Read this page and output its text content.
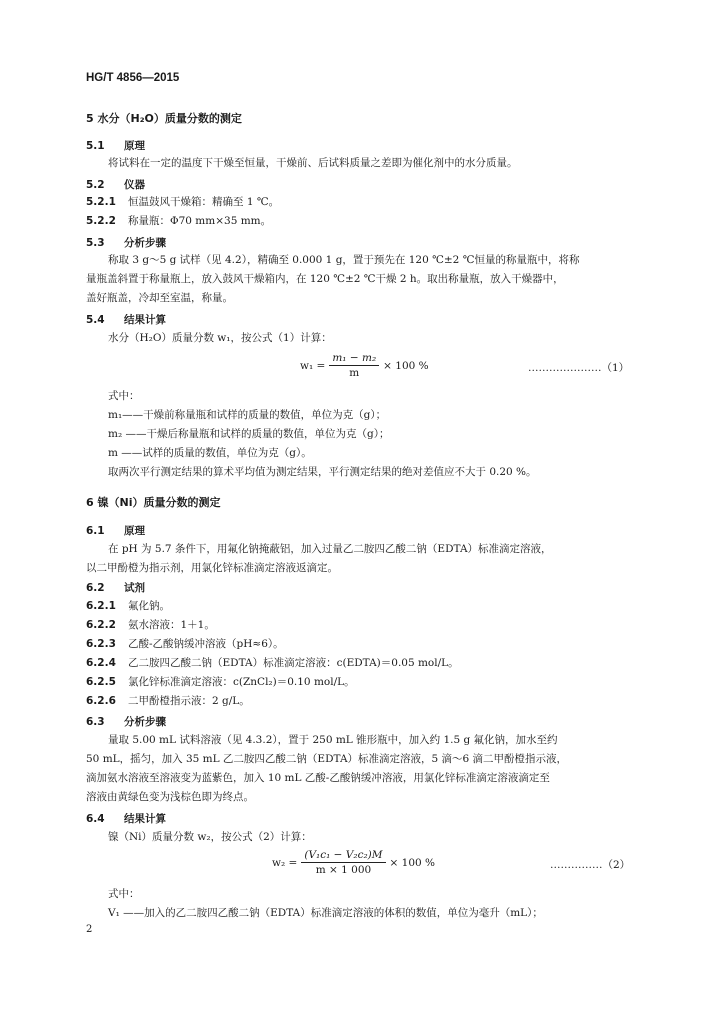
HG/T 4856—2015
5 水分（H₂O）质量分数的测定
5.1 原理
将试料在一定的温度下干燥至恒量，干燥前、后试料质量之差即为催化剂中的水分质量。
5.2 仪器
5.2.1 恒温鼓风干燥箱：精确至 1 ℃。
5.2.2 称量瓶：Φ70 mm×35 mm。
5.3 分析步骤
称取 3 g～5 g 试样（见 4.2），精确至 0.000 1 g，置于预先在 120 ℃±2 ℃恒量的称量瓶中，将称
量瓶盖斜置于称量瓶上，放入鼓风干燥箱内，在 120 ℃±2 ℃干燥 2 h。取出称量瓶，放入干燥器中，
盖好瓶盖，冷却至室温，称量。
5.4 结果计算
水分（H₂O）质量分数 w₁，按公式（1）计算：
$w_1 = \frac{\text{m₁ − m₂}}{m} \times 100$ %	…………………（1）
式中：
m₁——干燥前称量瓶和试样的质量的数值，单位为克（g）；
m₂ ——干燥后称量瓶和试样的质量的数值，单位为克（g）；
m ——试样的质量的数值，单位为克（g）。
取两次平行测定结果的算术平均值为测定结果，平行测定结果的绝对差值应不大于 0.20 %。
6 镍（Ni）质量分数的测定
6.1 原理
在 pH 为 5.7 条件下，用氟化钠掩蔽铝，加入过量乙二胺四乙酸二钠（EDTA）标准滴定溶液，
以二甲酚橙为指示剂，用氯化锌标准滴定溶液返滴定。
6.2 试剂
6.2.1 氟化钠。
6.2.2 氨水溶液：1＋1。
6.2.3 乙酸-乙酸钠缓冲溶液（pH≈6）。
6.2.4 乙二胺四乙酸二钠（EDTA）标准滴定溶液：c(EDTA)＝0.05 mol/L。
6.2.5 氯化锌标准滴定溶液：c(ZnCl₂)＝0.10 mol/L。
6.2.6 二甲酚橙指示液：2 g/L。
6.3 分析步骤
量取 5.00 mL 试料溶液（见 4.3.2），置于 250 mL 锥形瓶中，加入约 1.5 g 氟化钠，加水至约
50 mL，摇匀，加入 35 mL 乙二胺四乙酸二钠（EDTA）标准滴定溶液，5 滴～6 滴二甲酚橙指示液，
滴加氨水溶液至溶液变为蓝紫色，加入 10 mL 乙酸-乙酸钠缓冲溶液，用氯化锌标准滴定溶液滴定至
溶液由黄绿色变为浅棕色即为终点。
6.4 结果计算
镍（Ni）质量分数 w₂，按公式（2）计算：
$w_2 = \frac{\text{(V₁c₁ − V₂c₂)M}}{m \times 1 000} \times 100$ %	……………（2）
式中：
V₁ ——加入的乙二胺四乙酸二钠（EDTA）标准滴定溶液的体积的数值，单位为毫升（mL）；
2
